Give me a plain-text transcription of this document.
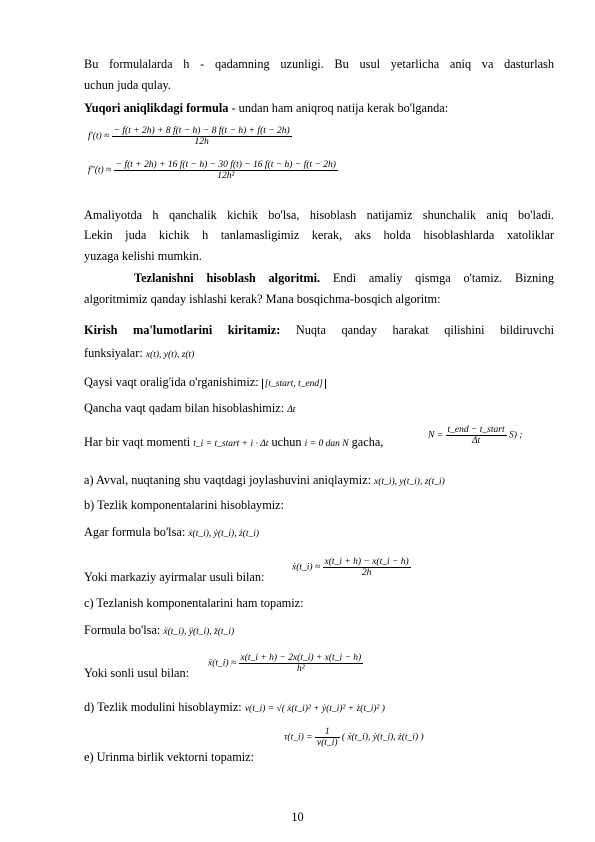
Bu formulalarda h - qadamning uzunligi. Bu usul yetarlicha aniq va dasturlash
uchun juda qulay.
Yuqori aniqlikdagi formula - undan ham aniqroq natija kerak bo'lganda:
$f'(t) \approx \frac{- f(t + 2h) + 8 f(t - h) - 8 f(t - h) + f(t - 2h)}{12h}$
f''(t) ≈
− f(t + 2h) + 16 f(t − h) − 30 f(t) − 16 f(t − h) − f(t − 2h)
12h²
Amaliyotda h qanchalik kichik bo'lsa, hisoblash natijamiz shunchalik aniq bo'ladi.
Lekin juda kichik h tanlamasligimiz kerak, aks holda hisoblashlarda xatoliklar
yuzaga kelishi mumkin.
Tezlanishni hisoblash algoritmi. Endi amaliy qismga o'tamiz. Bizning
algoritmimiz qanday ishlashi kerak? Mana bosqichma-bosqich algoritm:
Kirish ma'lumotlarini kiritamiz: Nuqta qanday harakat qilishini bildiruvchi
funksiyalar: x(t), y(t), z(t)
Qaysi vaqt oralig'ida o'rganishimiz: [t_start, t_end]
Qancha vaqt qadam bilan hisoblashimiz: Δt
Har bir vaqt momenti t_i = t_start + i · Δt uchun i = 0 dan N gacha,	$N = \frac{\text{t\_end − t\_start}}{\Delta t} S$) ;
a) Avval, nuqtaning shu vaqtdagi joylashuvini aniqlaymiz: x(t_i), y(t_i), z(t_i)
b) Tezlik komponentalarini hisoblaymiz:
Agar formula bo'lsa: ẋ(t_i), ẏ(t_i), ż(t_i)
Yoki markaziy ayirmalar usuli bilan:
ẋ(t_i) ≈ $\frac{x(t\_i + h) - x(t\_i - h)}{2h}$
c) Tezlanish komponentalarini ham topamiz:
Formula bo'lsa: ẍ(t_i), ÿ(t_i), z̈(t_i)
Yoki sonli usul bilan:
ẍ(t_i) ≈ $\frac{x(t\_i + h) - 2x(t\_i) + x(t\_i - h)}{\text{h²}}$
d) Tezlik modulini hisoblaymiz: v(t_i) = √( ẋ(t_i)² + ẏ(t_i)² + ż(t_i)² )
e) Urinma birlik vektorni topamiz:
τ(t_i) = $\frac{1}{v(t\_i)}$ ( ẋ(t_i), ẏ(t_i), ż(t_i) )
10
